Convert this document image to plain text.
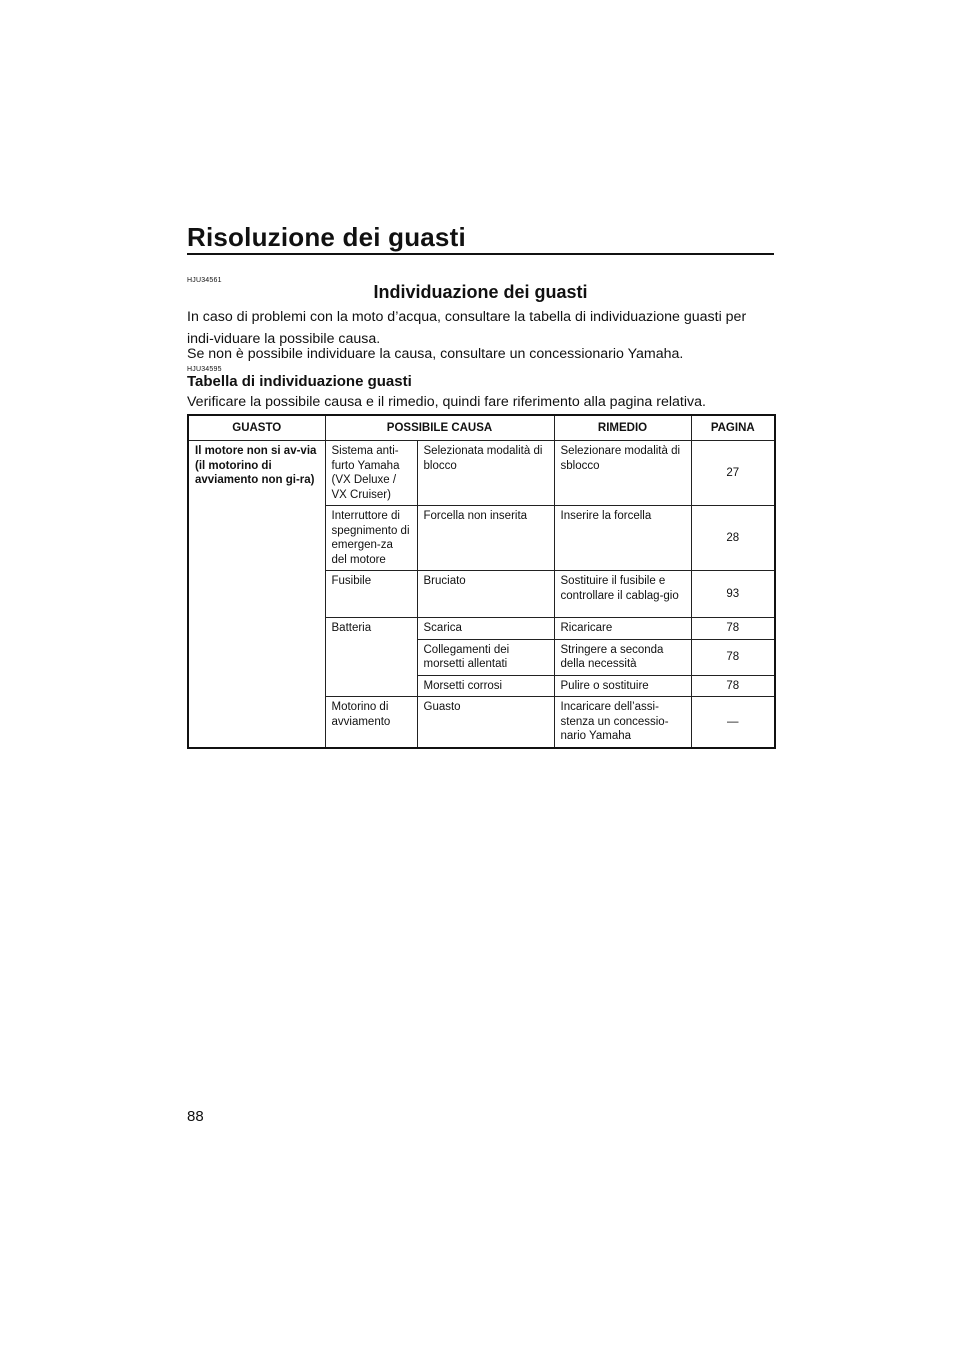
Risoluzione dei guasti
HJU34561
Individuazione dei guasti

In caso di problemi con la moto d’acqua, consultare la tabella di individuazione guasti per indi-viduare la possibile causa.

Se non è possibile individuare la causa, consultare un concessionario Yamaha.

HJU34595
Tabella di individuazione guasti

Verificare la possibile causa e il rimedio, quindi fare riferimento alla pagina relativa.

GUASTO	POSSIBILE CAUSA		RIMEDIO	PAGINA
Il motore non si av-via (il motorino di avviamento non gi-ra)	Sistema anti-furto Yamaha (VX Deluxe / VX Cruiser)	Selezionata modalità di blocco	Selezionare modalità di sblocco	27
	Interruttore di spegnimento di emergen-za del motore	Forcella non inserita	Inserire la forcella	28
	Fusibile	Bruciato	Sostituire il fusibile e controllare il cablag-gio	93
	Batteria	Scarica	Ricaricare	78
		Collegamenti dei morsetti allentati	Stringere a seconda della necessità	78
		Morsetti corrosi	Pulire o sostituire	78
	Motorino di avviamento	Guasto	Incaricare dell’assi-stenza un concessio-nario Yamaha	—
88
